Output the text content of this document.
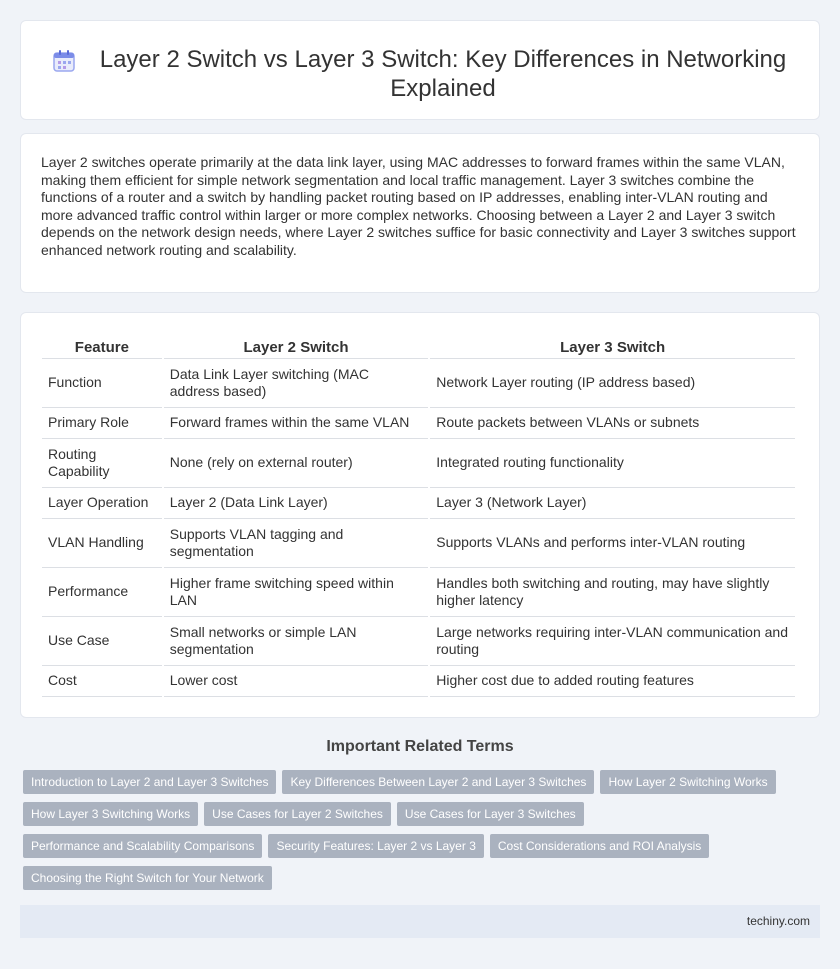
Layer 2 Switch vs Layer 3 Switch: Key Differences in Networking Explained

Layer 2 switches operate primarily at the data link layer, using MAC addresses to forward frames within the same VLAN, making them efficient for simple network segmentation and local traffic management. Layer 3 switches combine the functions of a router and a switch by handling packet routing based on IP addresses, enabling inter-VLAN routing and more advanced traffic control within larger or more complex networks. Choosing between a Layer 2 and Layer 3 switch depends on the network design needs, where Layer 2 switches suffice for basic connectivity and Layer 3 switches support enhanced network routing and scalability.

Feature	Layer 2 Switch	Layer 3 Switch
Function	Data Link Layer switching (MAC address based)	Network Layer routing (IP address based)
Primary Role	Forward frames within the same VLAN	Route packets between VLANs or subnets
Routing Capability	None (rely on external router)	Integrated routing functionality
Layer Operation	Layer 2 (Data Link Layer)	Layer 3 (Network Layer)
VLAN Handling	Supports VLAN tagging and segmentation	Supports VLANs and performs inter-VLAN routing
Performance	Higher frame switching speed within LAN	Handles both switching and routing, may have slightly higher latency
Use Case	Small networks or simple LAN segmentation	Large networks requiring inter-VLAN communication and routing
Cost	Lower cost	Higher cost due to added routing features
Important Related Terms
Introduction to Layer 2 and Layer 3 Switches	Key Differences Between Layer 2 and Layer 3 Switches	How Layer 2 Switching Works
How Layer 3 Switching Works	Use Cases for Layer 2 Switches	Use Cases for Layer 3 Switches
Performance and Scalability Comparisons	Security Features: Layer 2 vs Layer 3	Cost Considerations and ROI Analysis
Choosing the Right Switch for Your Network
techiny.com
